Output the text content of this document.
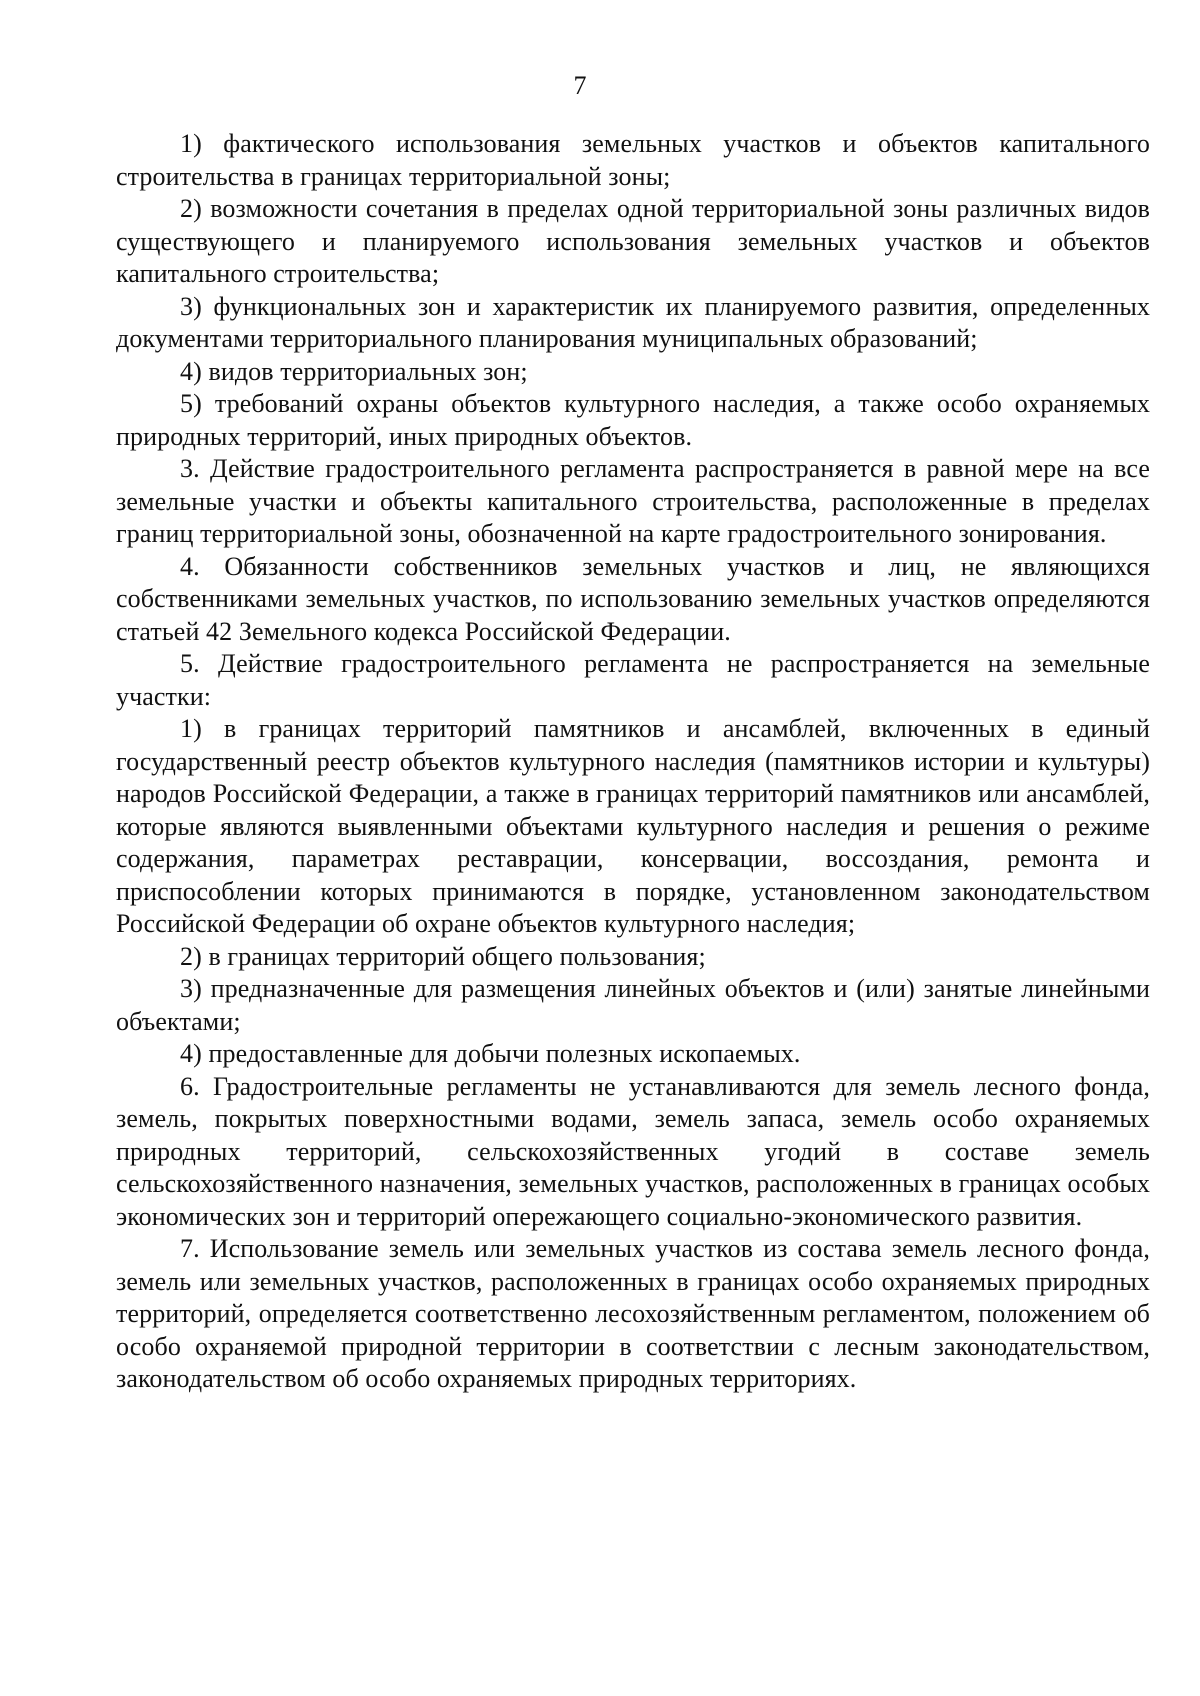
7

1) фактического использования земельных участков и объектов капитального строительства в границах территориальной зоны;

2) возможности сочетания в пределах одной территориальной зоны различных видов существующего и планируемого использования земельных участков и объектов капитального строительства;

3) функциональных зон и характеристик их планируемого развития, определенных документами территориального планирования муниципальных образований;

4) видов территориальных зон;

5) требований охраны объектов культурного наследия, а также особо охраняемых природных территорий, иных природных объектов.

3. Действие градостроительного регламента распространяется в равной мере на все земельные участки и объекты капитального строительства, расположенные в пределах границ территориальной зоны, обозначенной на карте градостроительного зонирования.

4. Обязанности собственников земельных участков и лиц, не являющихся собственниками земельных участков, по использованию земельных участков определяются статьей 42 Земельного кодекса Российской Федерации.

5. Действие градостроительного регламента не распространяется на земельные участки:

1) в границах территорий памятников и ансамблей, включенных в единый государственный реестр объектов культурного наследия (памятников истории и культуры) народов Российской Федерации, а также в границах территорий памятников или ансамблей, которые являются выявленными объектами культурного наследия и решения о режиме содержания, параметрах реставрации, консервации, воссоздания, ремонта и приспособлении которых принимаются в порядке, установленном законодательством Российской Федерации об охране объектов культурного наследия;

2) в границах территорий общего пользования;

3) предназначенные для размещения линейных объектов и (или) занятые линейными объектами;

4) предоставленные для добычи полезных ископаемых.

6. Градостроительные регламенты не устанавливаются для земель лесного фонда, земель, покрытых поверхностными водами, земель запаса, земель особо охраняемых природных территорий, сельскохозяйственных угодий в составе земель сельскохозяйственного назначения, земельных участков, расположенных в границах особых экономических зон и территорий опережающего социально-экономического развития.

7. Использование земель или земельных участков из состава земель лесного фонда, земель или земельных участков, расположенных в границах особо охраняемых природных территорий, определяется соответственно лесохозяйственным регламентом, положением об особо охраняемой природной территории в соответствии с лесным законодательством, законодательством об особо охраняемых природных территориях.
